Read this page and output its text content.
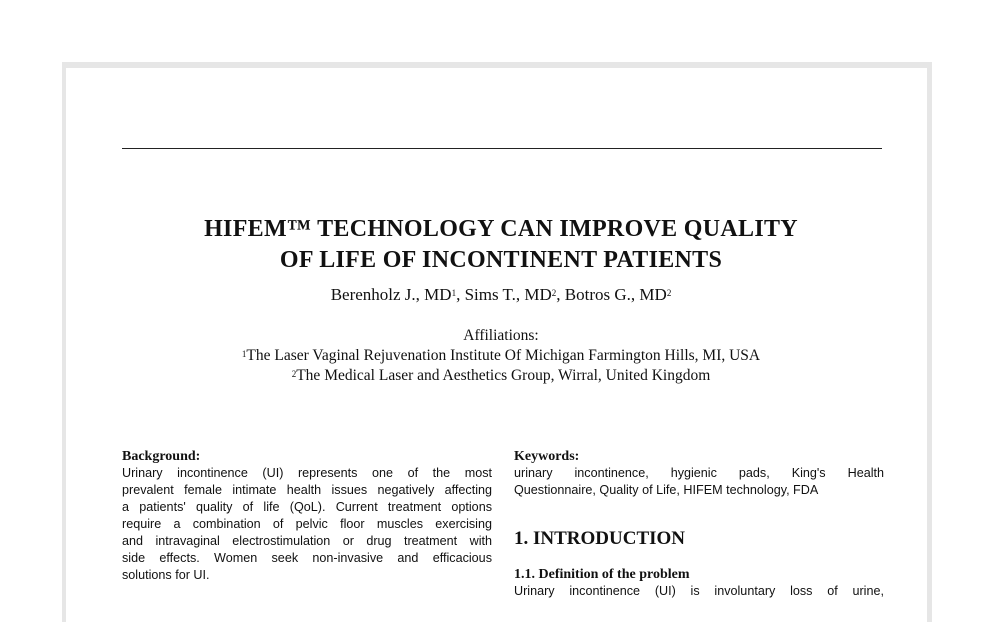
HIFEM™ TECHNOLOGY CAN IMPROVE QUALITY
OF LIFE OF INCONTINENT PATIENTS
Berenholz J., $MD^1$, Sims T., $MD^2$, Botros G., $MD^2$
Affiliations:
$^1$The Laser Vaginal Rejuvenation Institute Of Michigan Farmington Hills, MI, USA
$^2$The Medical Laser and Aesthetics Group, Wirral, United Kingdom
Background:
Urinary incontinence (UI) represents one of the most
prevalent female intimate health issues negatively affecting
a patients' quality of life (QoL). Current treatment options
require a combination of pelvic floor muscles exercising
and intravaginal electrostimulation or drug treatment with
side effects. Women seek non-invasive and efficacious
solutions for UI.
Keywords:
urinary incontinence, hygienic pads, King's Health
Questionnaire, Quality of Life, HIFEM technology, FDA
1. INTRODUCTION
1.1. Definition of the problem
Urinary incontinence (UI) is involuntary loss of urine,
